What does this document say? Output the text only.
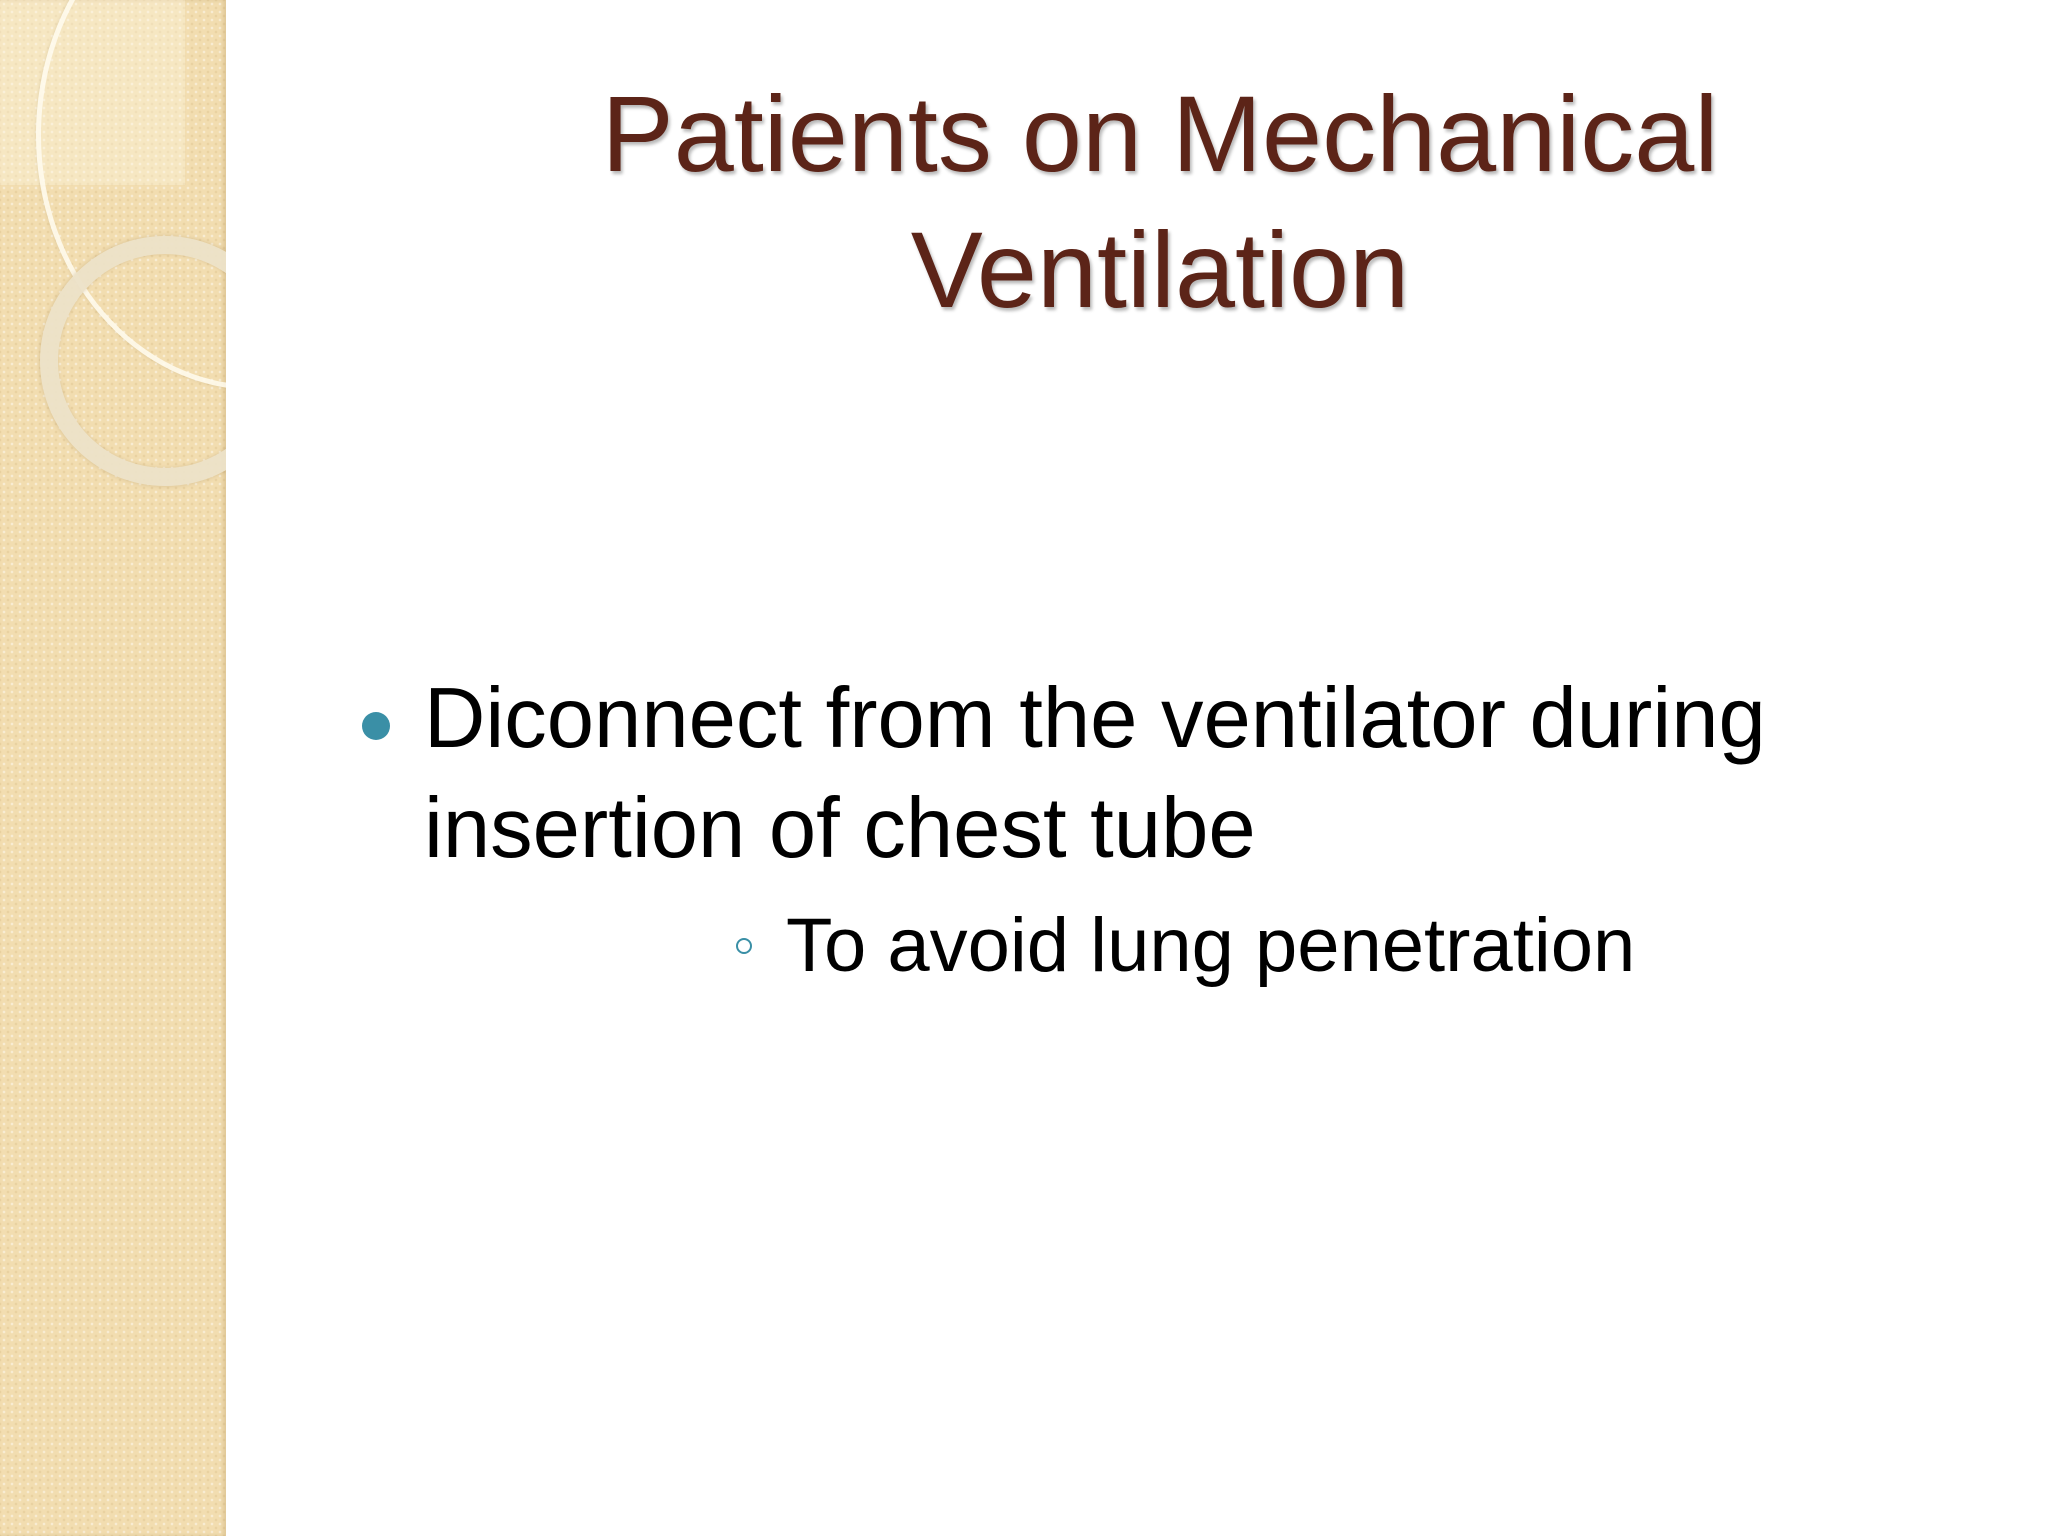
Patients on Mechanical Ventilation
Diconnect from the ventilator during insertion of chest tube
To avoid lung penetration
